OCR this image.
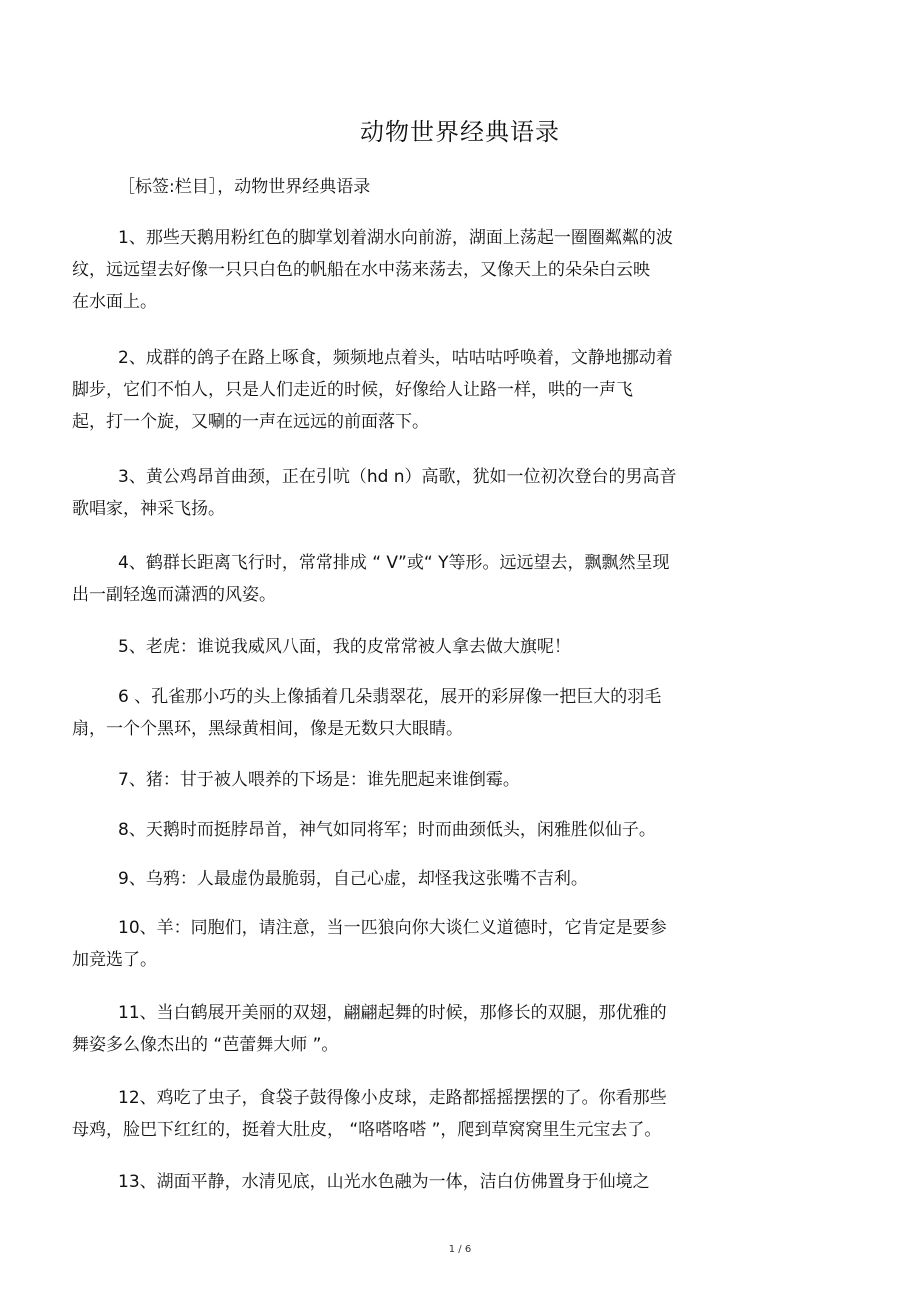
动物世界经典语录
［标签:栏目］，动物世界经典语录
1、那些天鹅用粉红色的脚掌划着湖水向前游，湖面上荡起一圈圈粼粼的波
纹，远远望去好像一只只白色的帆船在水中荡来荡去，又像天上的朵朵白云映
在水面上。
2、成群的鸽子在路上啄食，频频地点着头，咕咕咕呼唤着，文静地挪动着
脚步，它们不怕人，只是人们走近的时候，好像给人让路一样，哄的一声飞
起，打一个旋，又唰的一声在远远的前面落下。
3、黄公鸡昂首曲颈，正在引吭（hd n）高歌，犹如一位初次登台的男高音
歌唱家，神采飞扬。
4、鹤群长距离飞行时，常常排成 “ V”或“ Y等形。远远望去，飘飘然呈现
出一副轻逸而潇洒的风姿。
5、老虎：谁说我威风八面，我的皮常常被人拿去做大旗呢！
6 、孔雀那小巧的头上像插着几朵翡翠花，展开的彩屏像一把巨大的羽毛
扇，一个个黑环，黑绿黄相间，像是无数只大眼睛。
7、猪：甘于被人喂养的下场是：谁先肥起来谁倒霉。
8、天鹅时而挺脖昂首，神气如同将军；时而曲颈低头，闲雅胜似仙子。
9、乌鸦：人最虚伪最脆弱，自己心虚，却怪我这张嘴不吉利。
10、羊：同胞们，请注意，当一匹狼向你大谈仁义道德时，它肯定是要参
加竞选了。
11、当白鹤展开美丽的双翅，翩翩起舞的时候，那修长的双腿，那优雅的
舞姿多么像杰出的 “芭蕾舞大师 ”。
12、鸡吃了虫子，食袋子鼓得像小皮球，走路都摇摇摆摆的了。你看那些
母鸡，脸巴下红红的，挺着大肚皮， “咯嗒咯嗒 ”，爬到草窝窝里生元宝去了。
13、湖面平静，水清见底，山光水色融为一体，洁白仿佛置身于仙境之
1 / 6
